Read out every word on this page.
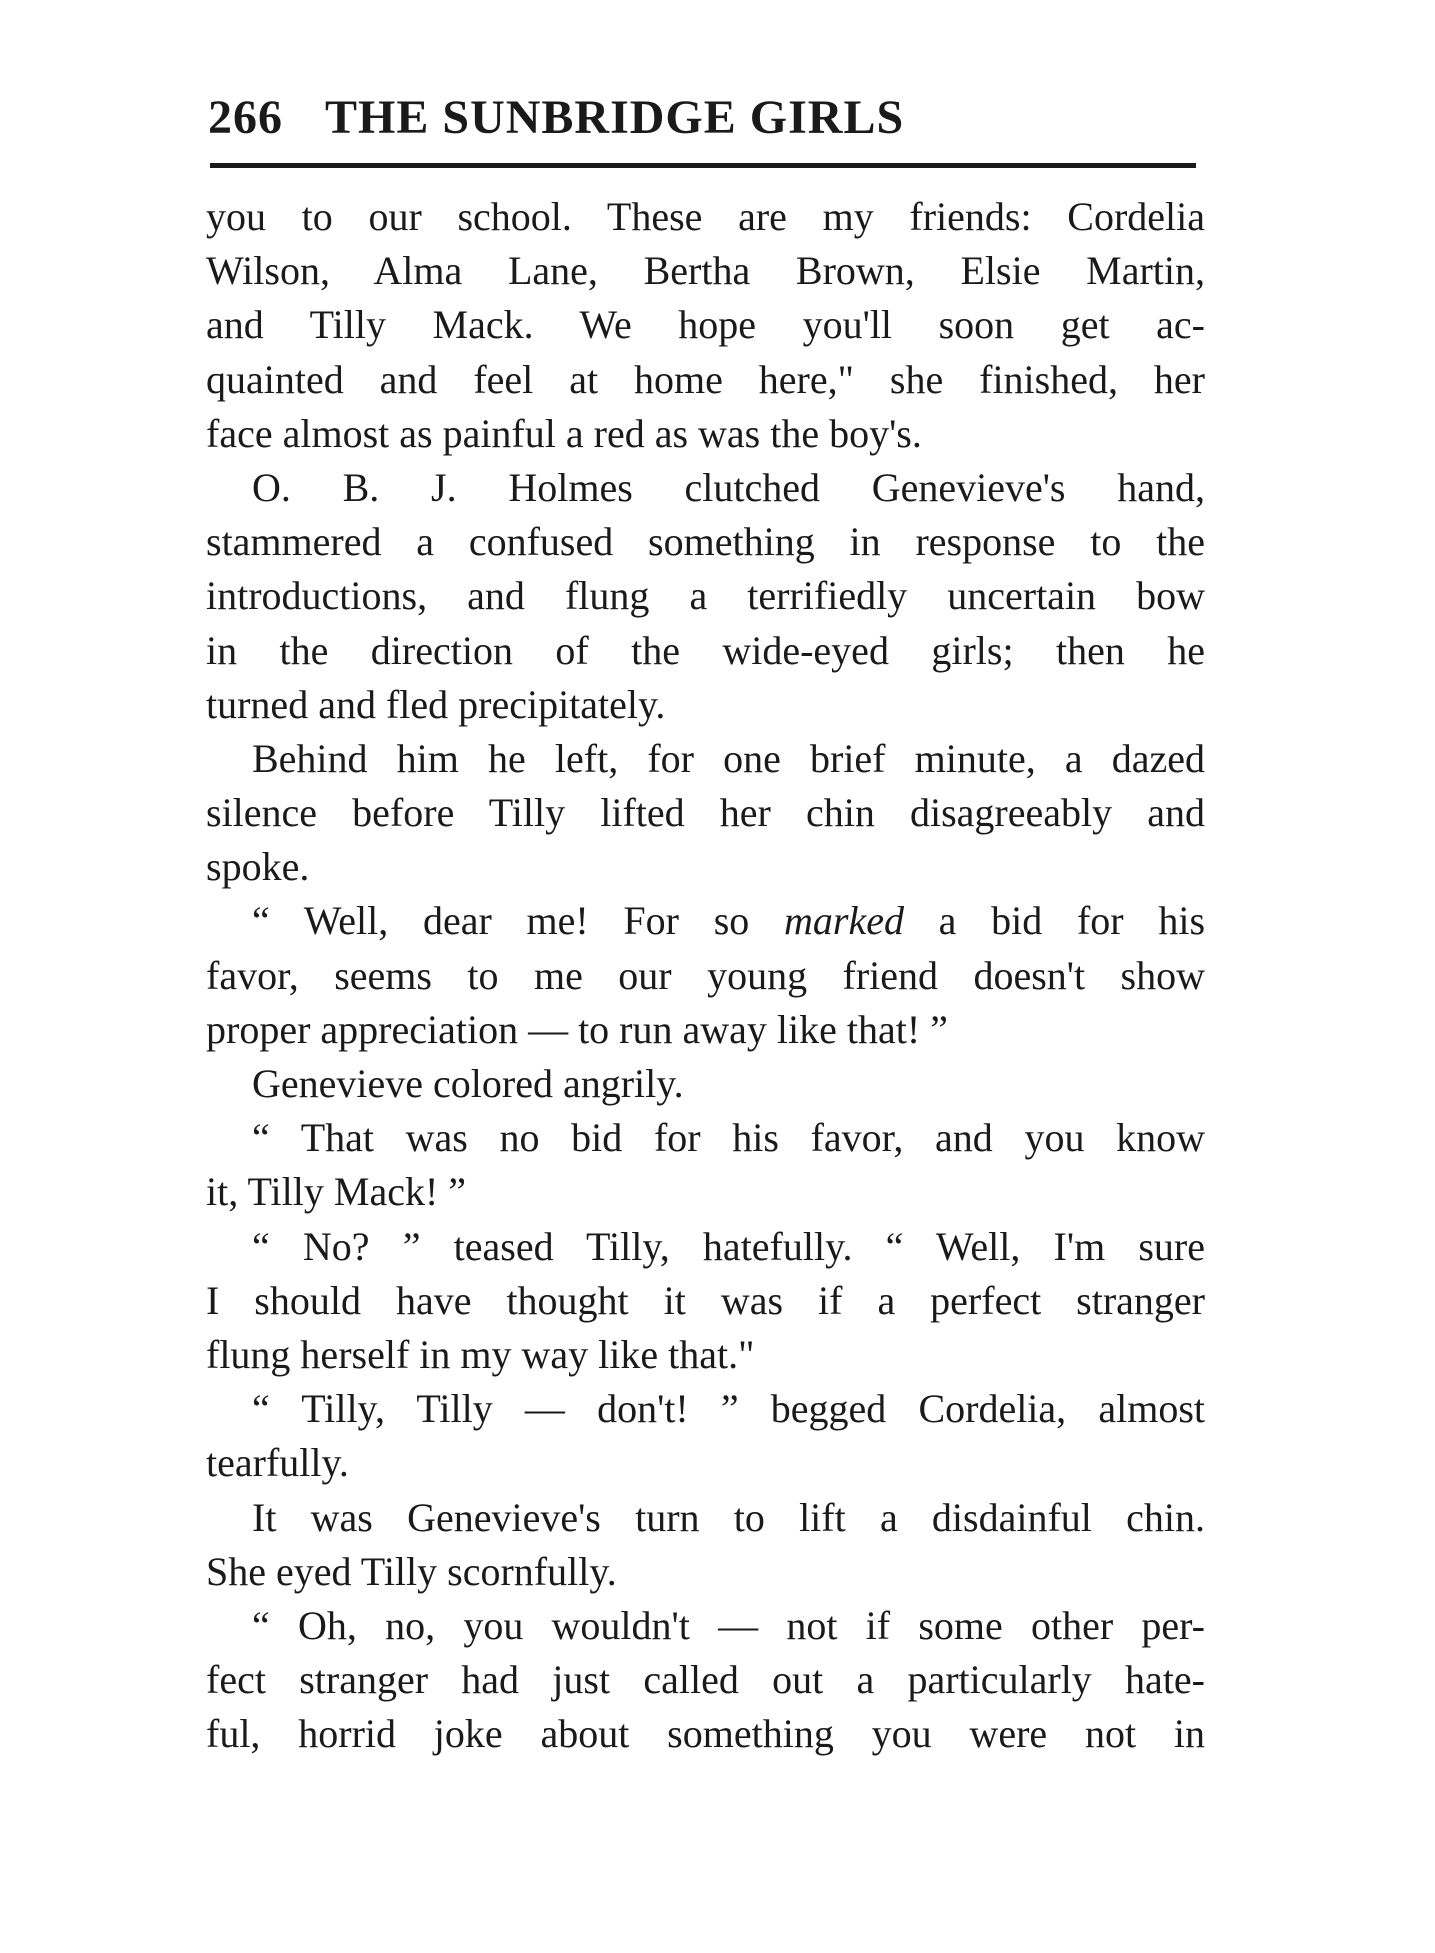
266 THE SUNBRIDGE GIRLS
you to our school. These are my friends: Cordelia
Wilson, Alma Lane, Bertha Brown, Elsie Martin,
and Tilly Mack. We hope you'll soon get ac-
quainted and feel at home here," she finished, her
face almost as painful a red as was the boy's.
O. B. J. Holmes clutched Genevieve's hand,
stammered a confused something in response to the
introductions, and flung a terrifiedly uncertain bow
in the direction of the wide-eyed girls; then he
turned and fled precipitately.
Behind him he left, for one brief minute, a dazed
silence before Tilly lifted her chin disagreeably and
spoke.
“ Well, dear me! For so marked a bid for his
favor, seems to me our young friend doesn't show
proper appreciation — to run away like that! ”
Genevieve colored angrily.
“ That was no bid for his favor, and you know
it, Tilly Mack! ”
“ No? ” teased Tilly, hatefully. “ Well, I'm sure
I should have thought it was if a perfect stranger
flung herself in my way like that."
“ Tilly, Tilly — don't! ” begged Cordelia, almost
tearfully.
It was Genevieve's turn to lift a disdainful chin.
She eyed Tilly scornfully.
“ Oh, no, you wouldn't — not if some other per-
fect stranger had just called out a particularly hate-
ful, horrid joke about something you were not in
